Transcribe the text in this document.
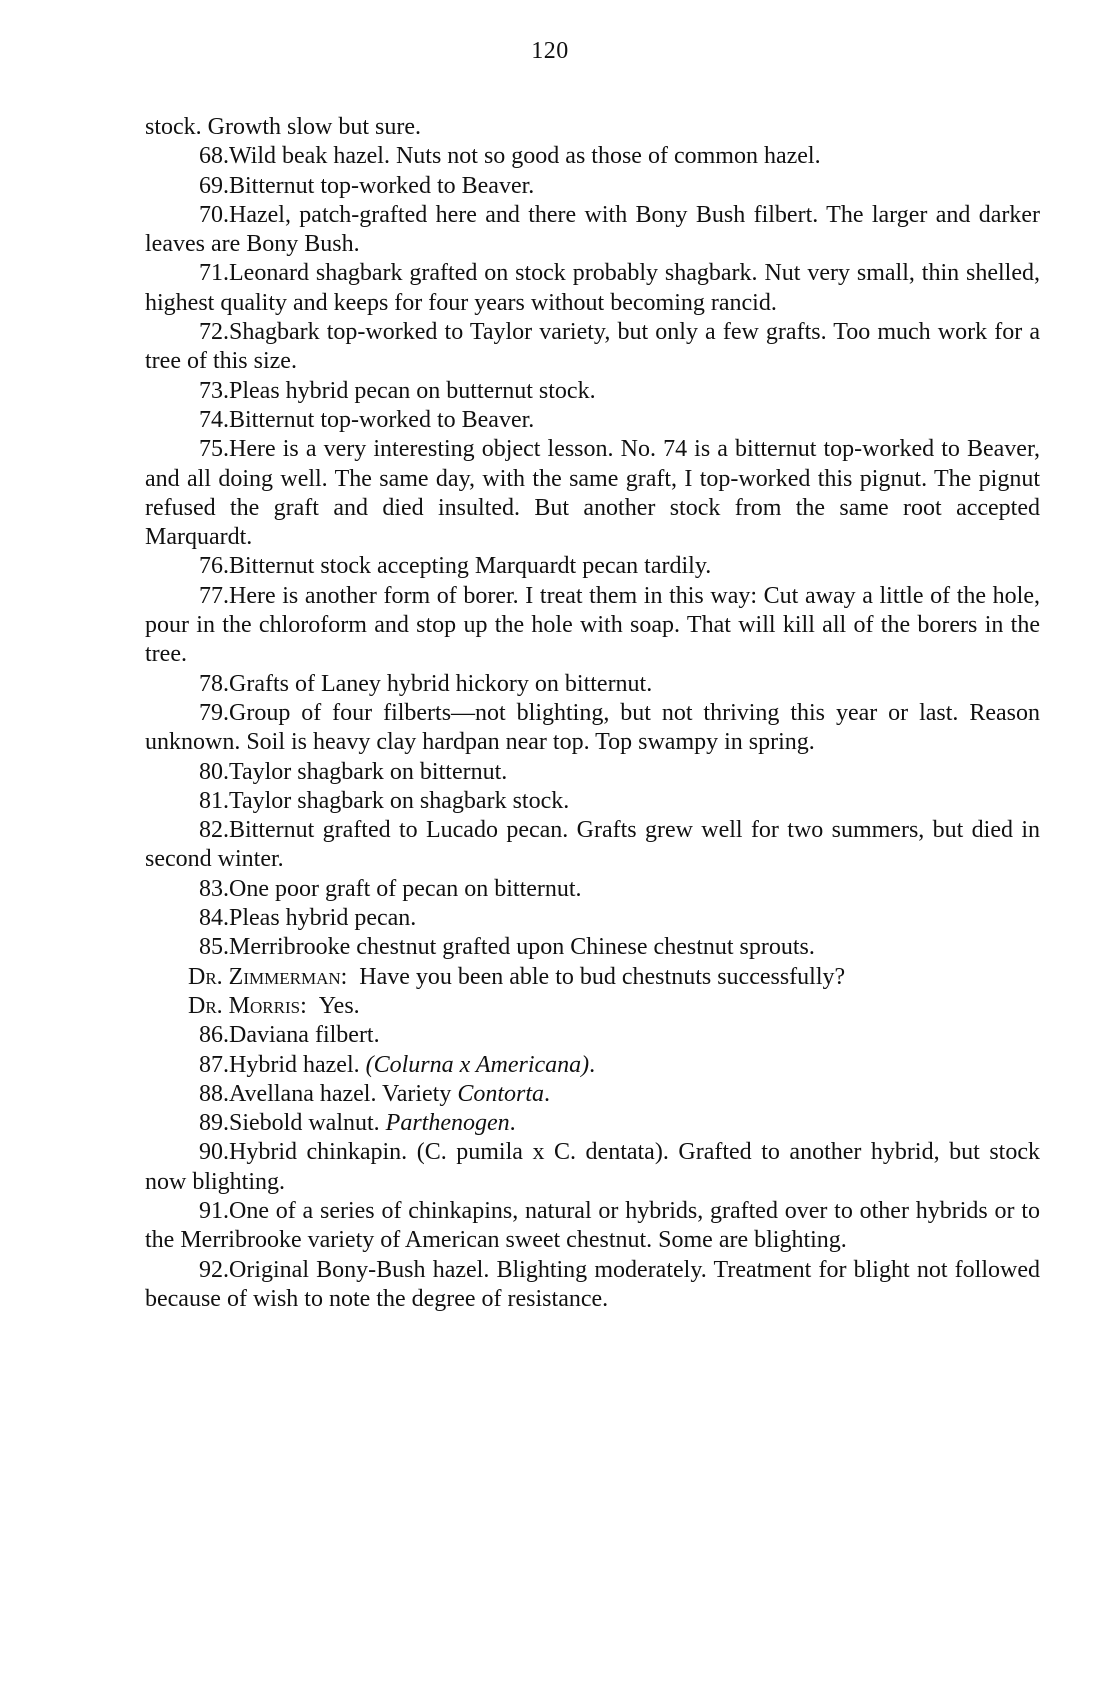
120

stock. Growth slow but sure.

68.Wild beak hazel. Nuts not so good as those of common hazel.

69.Bitternut top-worked to Beaver.

70.Hazel, patch-grafted here and there with Bony Bush filbert. The larger and darker leaves are Bony Bush.

71.Leonard shagbark grafted on stock probably shagbark. Nut very small, thin shelled, highest quality and keeps for four years without becoming rancid.

72.Shagbark top-worked to Taylor variety, but only a few grafts. Too much work for a tree of this size.

73.Pleas hybrid pecan on butternut stock.

74.Bitternut top-worked to Beaver.

75.Here is a very interesting object lesson. No. 74 is a bitternut top-worked to Beaver, and all doing well. The same day, with the same graft, I top-worked this pignut. The pignut refused the graft and died insulted. But another stock from the same root accepted Marquardt.

76.Bitternut stock accepting Marquardt pecan tardily.

77.Here is another form of borer. I treat them in this way: Cut away a little of the hole, pour in the chloroform and stop up the hole with soap. That will kill all of the borers in the tree.

78.Grafts of Laney hybrid hickory on bitternut.

79.Group of four filberts—not blighting, but not thriving this year or last. Reason unknown. Soil is heavy clay hardpan near top. Top swampy in spring.

80.Taylor shagbark on bitternut.

81.Taylor shagbark on shagbark stock.

82.Bitternut grafted to Lucado pecan. Grafts grew well for two summers, but died in second winter.

83.One poor graft of pecan on bitternut.

84.Pleas hybrid pecan.

85.Merribrooke chestnut grafted upon Chinese chestnut sprouts.

Dr. Zimmerman: Have you been able to bud chestnuts successfully?

Dr. Morris: Yes.

86.Daviana filbert.

87.Hybrid hazel. (Colurna x Americana).

88.Avellana hazel. Variety Contorta.

89.Siebold walnut. Parthenogen.

90.Hybrid chinkapin. (C. pumila x C. dentata). Grafted to another hybrid, but stock now blighting.

91.One of a series of chinkapins, natural or hybrids, grafted over to other hybrids or to the Merribrooke variety of American sweet chestnut. Some are blighting.

92.Original Bony-Bush hazel. Blighting moderately. Treatment for blight not followed because of wish to note the degree of resistance.
